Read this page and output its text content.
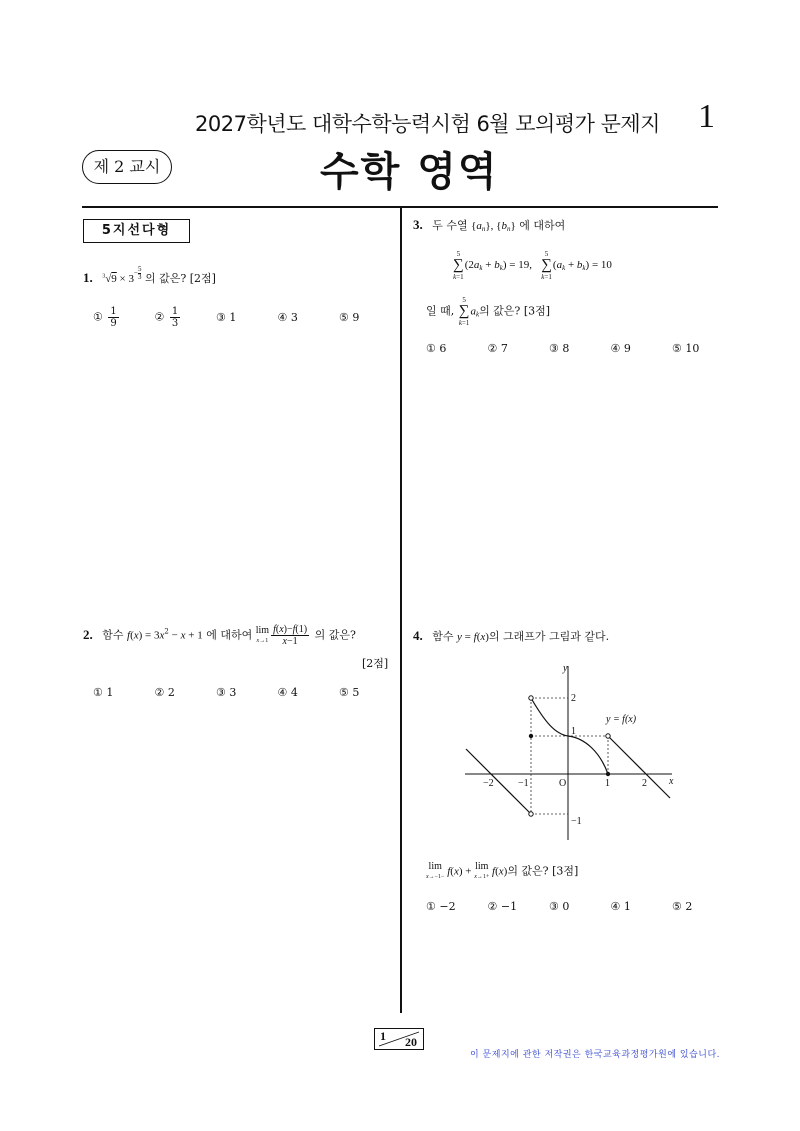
2027학년도 대학수학능력시험 6월 모의평가 문제지 1
제 2 교시	수학 영역
5지선다형
1. $^3√9 \times 3^{- \frac{5}{3}}$ 의 값은? [2점]
① $\frac{1}{9}$	② $\frac{1}{3}$	③ 1	④ 3	⑤ 9
2. 함수 $f(x) = 3x^2 - x + 1$ 에 대하여 lim
$x\to 1 \frac{f(x)-f(1)}{x-1}$ 의 값은?
[2점]
① 1	② 2	③ 3	④ 4	⑤ 5
3. 두 수열 $\{a_n\}$, $\{b_n\}$ 에 대하여
5
∑
$k=1(2a_k + b_k) = 19$,   5
∑
$k=1(a_k + b_k) = 10$
일 때, 5
∑
$k=1a_k$의 값은? [3점]
① 6	② 7	③ 8	④ 9	⑤ 10
4. 함수 y = f(x)의 그래프가 그림과 같다.
y
x
O
−2 −1	1	2
2
1
−1
y = f(x)
lim
x→−1− f(x) + lim
x→1+ f(x)의 값은? [3점]
① −2	② −1	③ 0	④ 1	⑤ 2
1 20
이 문제지에 관한 저작권은 한국교육과정평가원에 있습니다.
